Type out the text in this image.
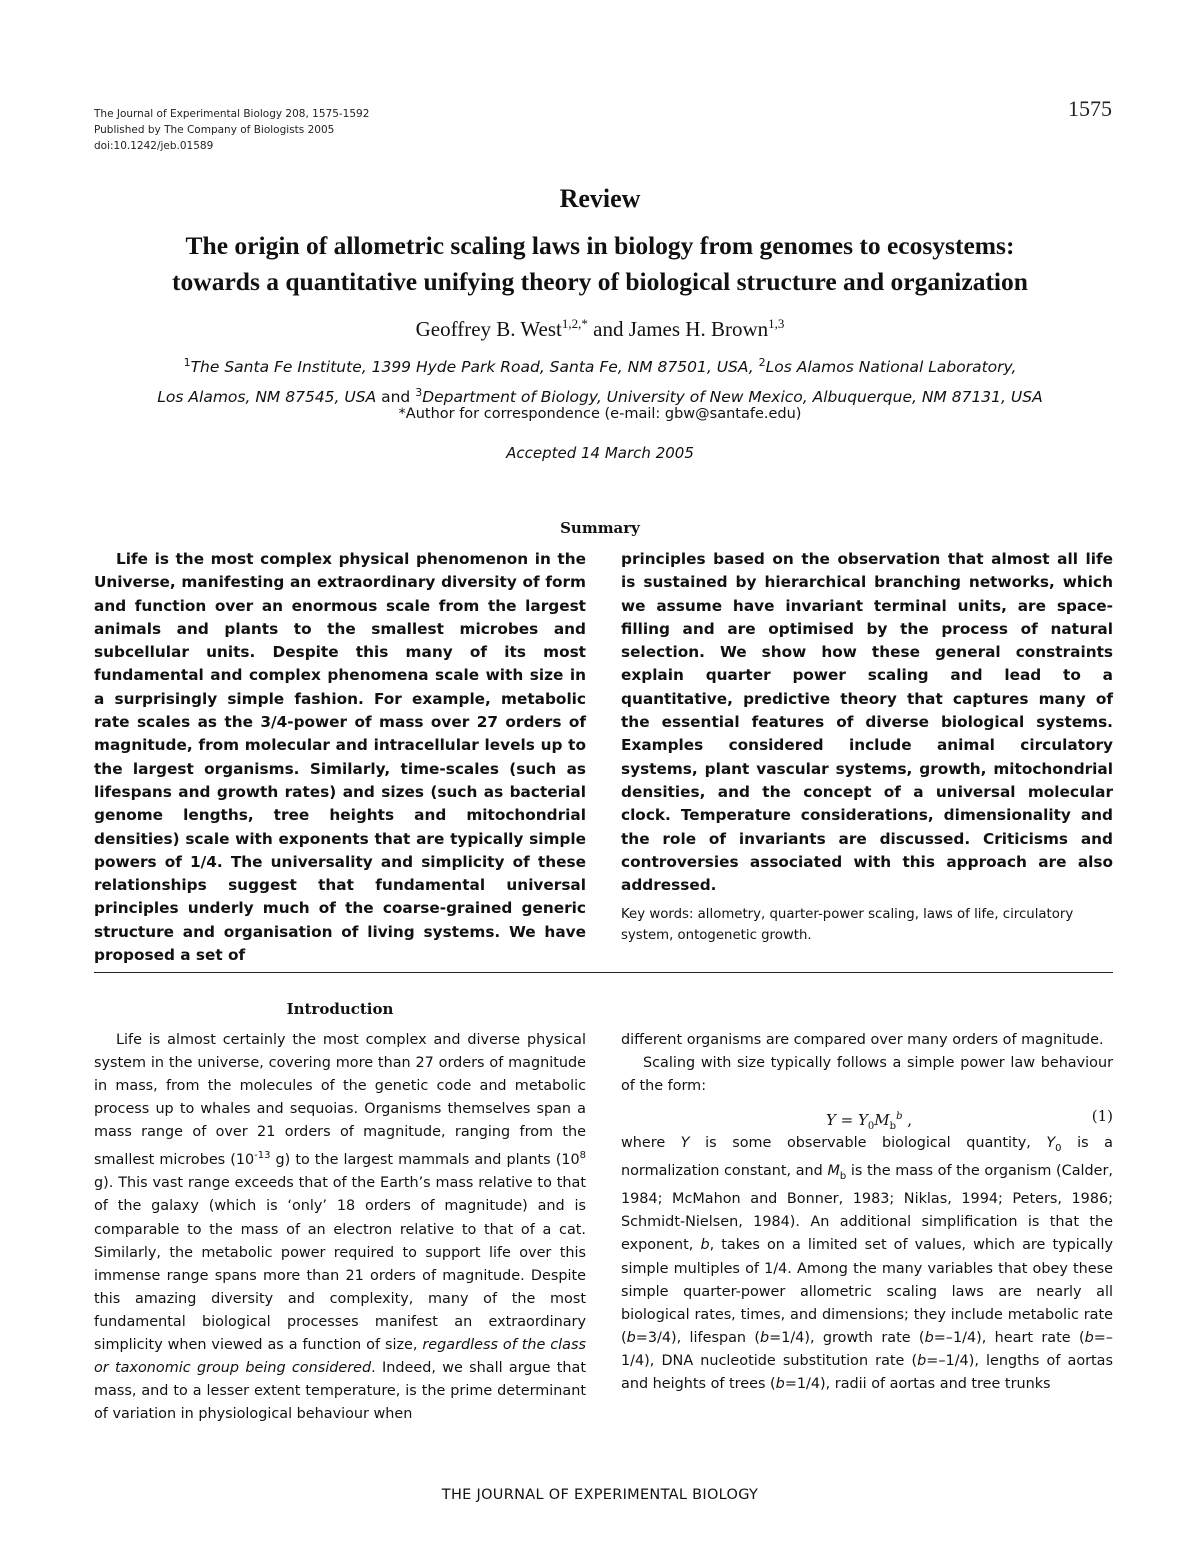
The Journal of Experimental Biology 208, 1575-1592
Published by The Company of Biologists 2005
doi:10.1242/jeb.01589
1575
Review
The origin of allometric scaling laws in biology from genomes to ecosystems:
towards a quantitative unifying theory of biological structure and organization
Geoffrey B. West$^{1,2,*}$ and James H. Brown$^{1,3}$
$^1$The Santa Fe Institute, 1399 Hyde Park Road, Santa Fe, NM 87501, USA, $^2$Los Alamos National Laboratory,
Los Alamos, NM 87545, USA and $^3$Department of Biology, University of New Mexico, Albuquerque, NM 87131, USA
*Author for correspondence (e-mail: gbw@santafe.edu)
Accepted 14 March 2005
Summary
Life is the most complex physical phenomenon in the Universe, manifesting an extraordinary diversity of form and function over an enormous scale from the largest animals and plants to the smallest microbes and subcellular units. Despite this many of its most fundamental and complex phenomena scale with size in a surprisingly simple fashion. For example, metabolic rate scales as the 3/4-power of mass over 27 orders of magnitude, from molecular and intracellular levels up to the largest organisms. Similarly, time-scales (such as lifespans and growth rates) and sizes (such as bacterial genome lengths, tree heights and mitochondrial densities) scale with exponents that are typically simple powers of 1/4. The universality and simplicity of these relationships suggest that fundamental universal principles underly much of the coarse-grained generic structure and organisation of living systems. We have proposed a set of
principles based on the observation that almost all life is sustained by hierarchical branching networks, which we assume have invariant terminal units, are space-filling and are optimised by the process of natural selection. We show how these general constraints explain quarter power scaling and lead to a quantitative, predictive theory that captures many of the essential features of diverse biological systems. Examples considered include animal circulatory systems, plant vascular systems, growth, mitochondrial densities, and the concept of a universal molecular clock. Temperature considerations, dimensionality and the role of invariants are discussed. Criticisms and controversies associated with this approach are also addressed.
Key words: allometry, quarter-power scaling, laws of life, circulatory system, ontogenetic growth.
Introduction
Life is almost certainly the most complex and diverse physical system in the universe, covering more than 27 orders of magnitude in mass, from the molecules of the genetic code and metabolic process up to whales and sequoias. Organisms themselves span a mass range of over 21 orders of magnitude, ranging from the smallest microbes ($10^{-13}$ g) to the largest mammals and plants ($10^8$ g). This vast range exceeds that of the Earth’s mass relative to that of the galaxy (which is ‘only’ 18 orders of magnitude) and is comparable to the mass of an electron relative to that of a cat. Similarly, the metabolic power required to support life over this immense range spans more than 21 orders of magnitude. Despite this amazing diversity and complexity, many of the most fundamental biological processes manifest an extraordinary simplicity when viewed as a function of size, regardless of the class or taxonomic group being considered. Indeed, we shall argue that mass, and to a lesser extent temperature, is the prime determinant of variation in physiological behaviour when

different organisms are compared over many orders of magnitude.

Scaling with size typically follows a simple power law behaviour of the form:

$Y = Y_0M_b^b$ ,	(1)

where Y is some observable biological quantity, $Y_0$ is a normalization constant, and $M_b$ is the mass of the organism (Calder, 1984; McMahon and Bonner, 1983; Niklas, 1994; Peters, 1986; Schmidt-Nielsen, 1984). An additional simplification is that the exponent, b, takes on a limited set of values, which are typically simple multiples of 1/4. Among the many variables that obey these simple quarter-power allometric scaling laws are nearly all biological rates, times, and dimensions; they include metabolic rate (b=3/4), lifespan (b=1/4), growth rate (b=–1/4), heart rate (b=–1/4), DNA nucleotide substitution rate (b=–1/4), lengths of aortas and heights of trees (b=1/4), radii of aortas and tree trunks

THE JOURNAL OF EXPERIMENTAL BIOLOGY
